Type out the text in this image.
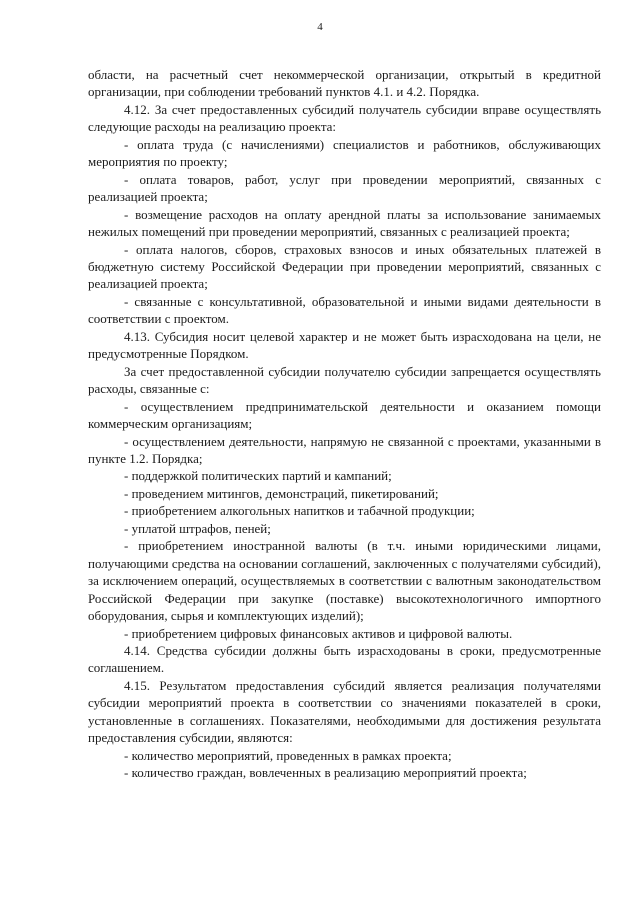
4

области, на расчетный счет некоммерческой организации, открытый в кредитной организации, при соблюдении требований пунктов 4.1. и 4.2. Порядка.

4.12. За счет предоставленных субсидий получатель субсидии вправе осуществлять следующие расходы на реализацию проекта:

- оплата труда (с начислениями) специалистов и работников, обслуживающих мероприятия по проекту;

- оплата товаров, работ, услуг при проведении мероприятий, связанных с реализацией проекта;

- возмещение расходов на оплату арендной платы за использование занимаемых нежилых помещений при проведении мероприятий, связанных с реализацией проекта;

- оплата налогов, сборов, страховых взносов и иных обязательных платежей в бюджетную систему Российской Федерации при проведении мероприятий, связанных с реализацией проекта;

- связанные с консультативной, образовательной и иными видами деятельности в соответствии с проектом.

4.13. Субсидия носит целевой характер и не может быть израсходована на цели, не предусмотренные Порядком.

За счет предоставленной субсидии получателю субсидии запрещается осуществлять расходы, связанные с:

- осуществлением предпринимательской деятельности и оказанием помощи коммерческим организациям;

- осуществлением деятельности, напрямую не связанной с проектами, указанными в пункте 1.2. Порядка;

- поддержкой политических партий и кампаний;

- проведением митингов, демонстраций, пикетирований;

- приобретением алкогольных напитков и табачной продукции;

- уплатой штрафов, пеней;

- приобретением иностранной валюты (в т.ч. иными юридическими лицами, получающими средства на основании соглашений, заключенных с получателями субсидий), за исключением операций, осуществляемых в соответствии с валютным законодательством Российской Федерации при закупке (поставке) высокотехнологичного импортного оборудования, сырья и комплектующих изделий);

- приобретением цифровых финансовых активов и цифровой валюты.

4.14. Средства субсидии должны быть израсходованы в сроки, предусмотренные соглашением.

4.15. Результатом предоставления субсидий является реализация получателями субсидии мероприятий проекта в соответствии со значениями показателей в сроки, установленные в соглашениях. Показателями, необходимыми для достижения результата предоставления субсидии, являются:

- количество мероприятий, проведенных в рамках проекта;

- количество граждан, вовлеченных в реализацию мероприятий проекта;
